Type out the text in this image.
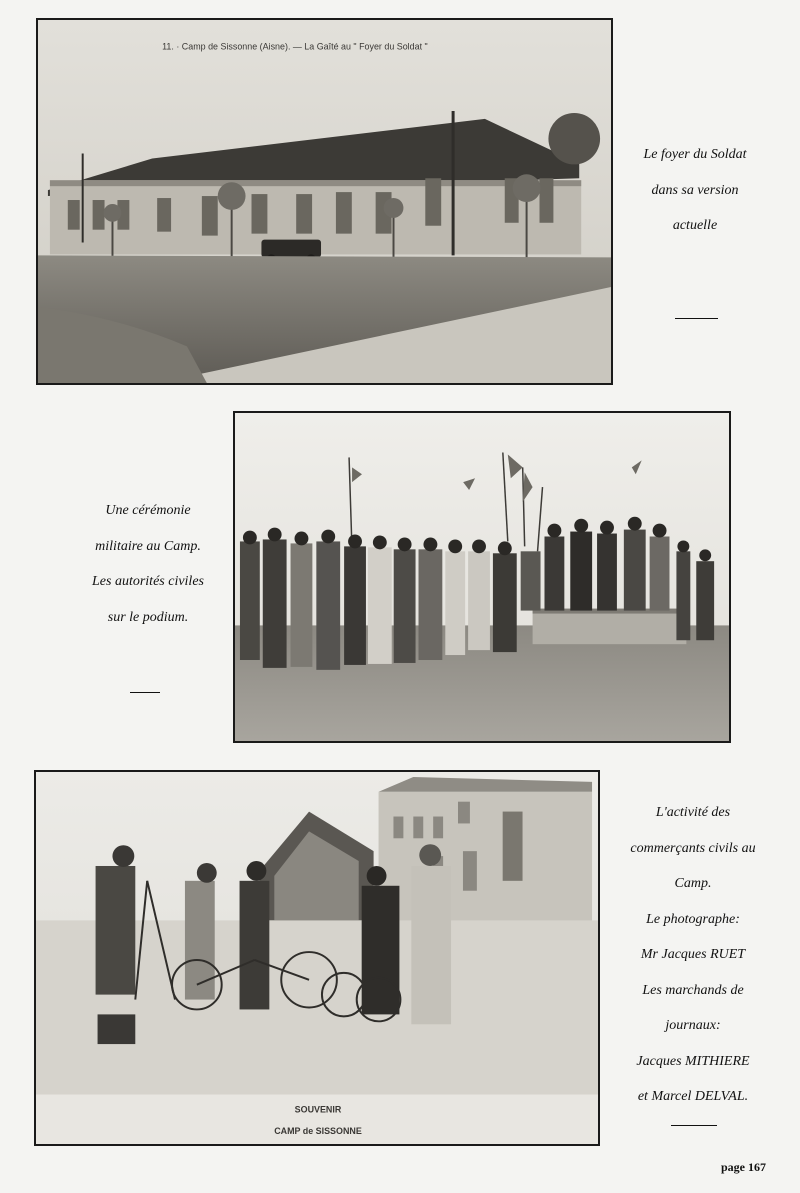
11. · Camp de Sissonne (Aisne). — La Gaîté au " Foyer du Soldat "
Le foyer du Soldat
dans sa version
actuelle
Une cérémonie
militaire au Camp.
Les autorités civiles
sur le podium.
SOUVENIR
CAMP de SISSONNE
L'activité des
commerçants civils au
Camp.
Le photographe:
Mr Jacques RUET
Les marchands de
journaux:
Jacques MITHIERE
et Marcel DELVAL.
page 167
